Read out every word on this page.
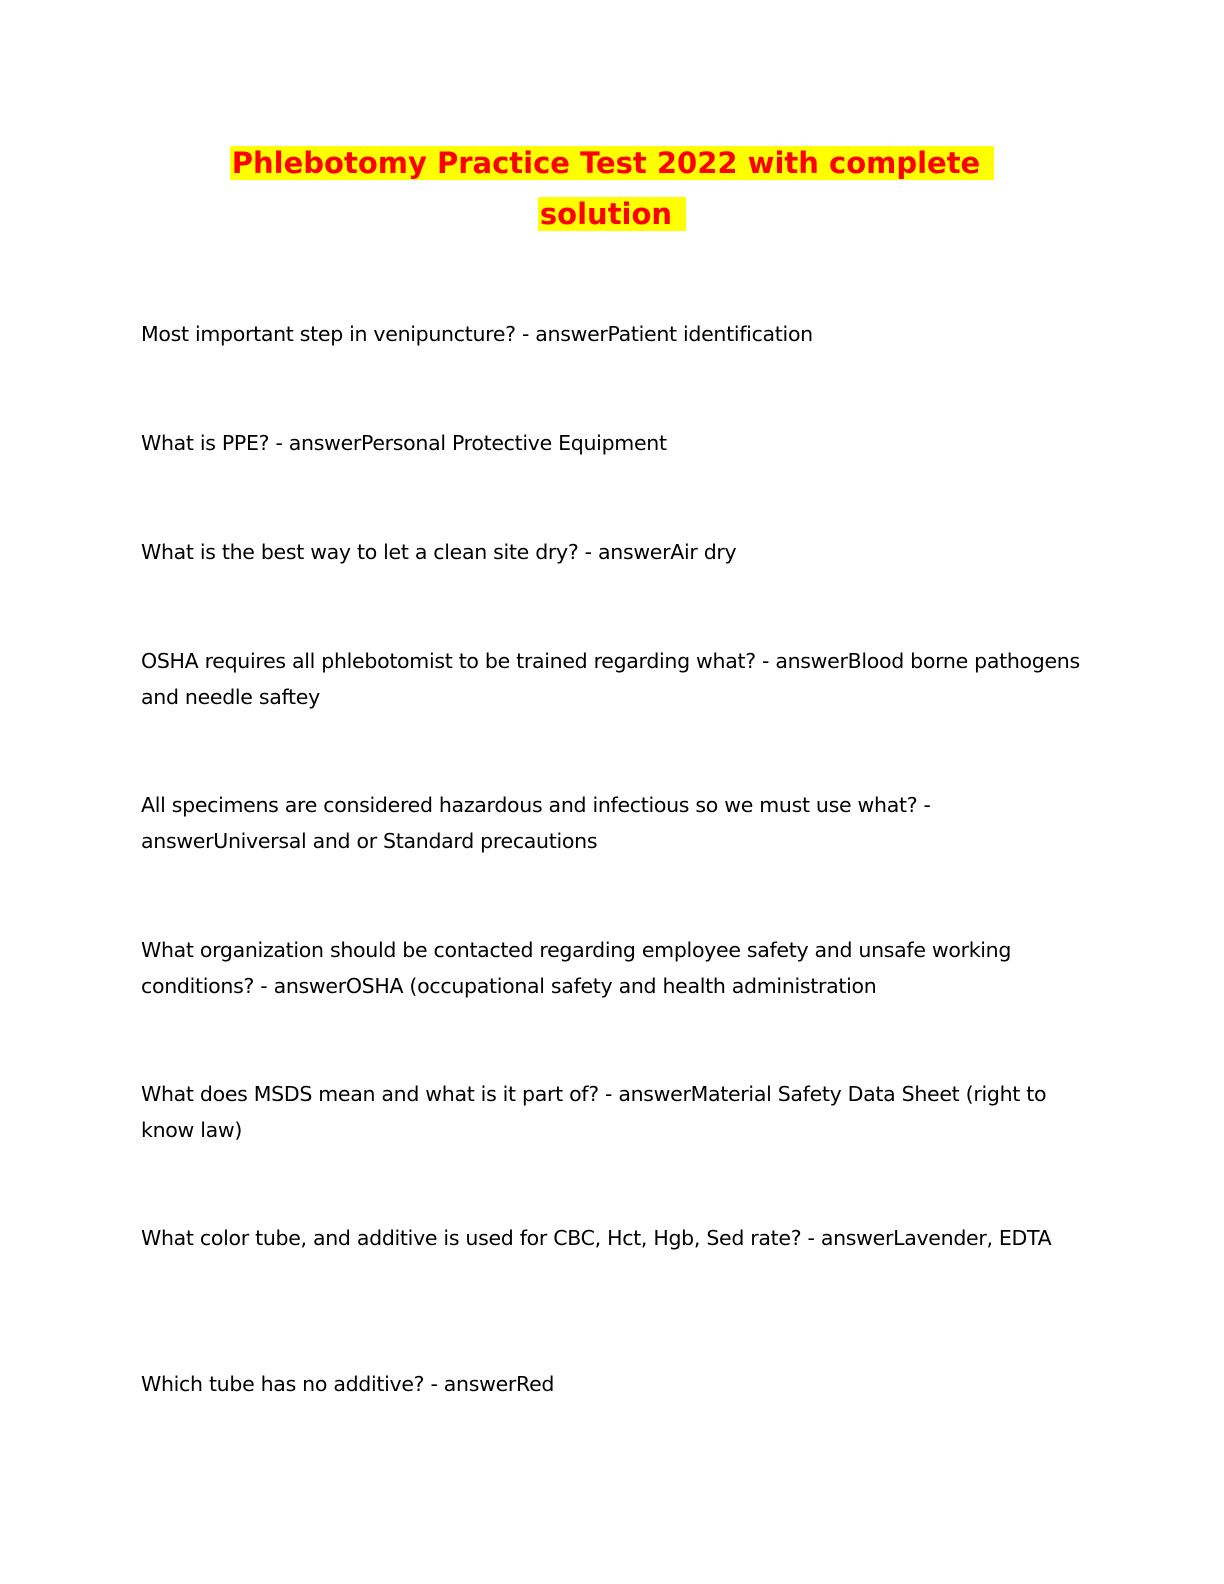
Phlebotomy Practice Test 2022 with complete
solution
Most important step in venipuncture? - answerPatient identification
What is PPE? - answerPersonal Protective Equipment
What is the best way to let a clean site dry? - answerAir dry
OSHA requires all phlebotomist to be trained regarding what? - answerBlood borne pathogens and needle saftey
All specimens are considered hazardous and infectious so we must use what? - answerUniversal and or Standard precautions
What organization should be contacted regarding employee safety and unsafe working conditions? - answerOSHA (occupational safety and health administration
What does MSDS mean and what is it part of? - answerMaterial Safety Data Sheet (right to know law)
What color tube, and additive is used for CBC, Hct, Hgb, Sed rate? - answerLavender, EDTA
Which tube has no additive? - answerRed
